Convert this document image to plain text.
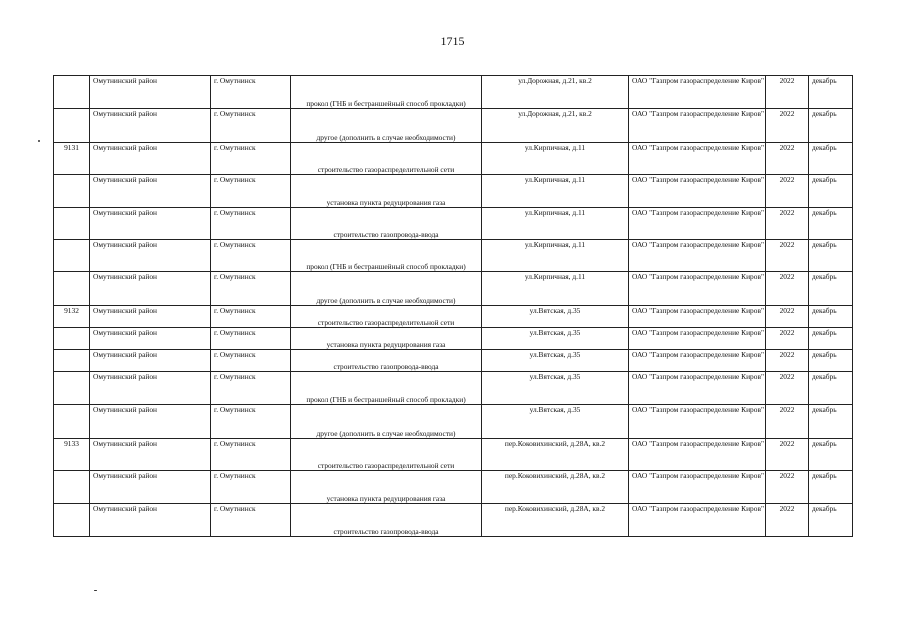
1715
	Омутнинский район	г. Омутнинск	прокол (ГНБ и бестраншейный способ прокладки)	ул.Дорожная, д.21, кв.2	ОАО "Газпром газораспределение Киров"	2022	декабрь
	Омутнинский район	г. Омутнинск	другое (дополнить в случае необходимости)	ул.Дорожная, д.21, кв.2	ОАО "Газпром газораспределение Киров"	2022	декабрь
9131	Омутнинский район	г. Омутнинск	строительство газораспределительной сети	ул.Кирпичная, д.11	ОАО "Газпром газораспределение Киров"	2022	декабрь
	Омутнинский район	г. Омутнинск	установка пункта редуцирования газа	ул.Кирпичная, д.11	ОАО "Газпром газораспределение Киров"	2022	декабрь
	Омутнинский район	г. Омутнинск	строительство газопровода-ввода	ул.Кирпичная, д.11	ОАО "Газпром газораспределение Киров"	2022	декабрь
	Омутнинский район	г. Омутнинск	прокол (ГНБ и бестраншейный способ прокладки)	ул.Кирпичная, д.11	ОАО "Газпром газораспределение Киров"	2022	декабрь
	Омутнинский район	г. Омутнинск	другое (дополнить в случае необходимости)	ул.Кирпичная, д.11	ОАО "Газпром газораспределение Киров"	2022	декабрь
9132	Омутнинский район	г. Омутнинск	строительство газораспределительной сети	ул.Вятская, д.35	ОАО "Газпром газораспределение Киров"	2022	декабрь
	Омутнинский район	г. Омутнинск	установка пункта редуцирования газа	ул.Вятская, д.35	ОАО "Газпром газораспределение Киров"	2022	декабрь
	Омутнинский район	г. Омутнинск	строительство газопровода-ввода	ул.Вятская, д.35	ОАО "Газпром газораспределение Киров"	2022	декабрь
	Омутнинский район	г. Омутнинск	прокол (ГНБ и бестраншейный способ прокладки)	ул.Вятская, д.35	ОАО "Газпром газораспределение Киров"	2022	декабрь
	Омутнинский район	г. Омутнинск	другое (дополнить в случае необходимости)	ул.Вятская, д.35	ОАО "Газпром газораспределение Киров"	2022	декабрь
9133	Омутнинский район	г. Омутнинск	строительство газораспределительной сети	пер.Коковихинский, д.28А, кв.2	ОАО "Газпром газораспределение Киров"	2022	декабрь
	Омутнинский район	г. Омутнинск	установка пункта редуцирования газа	пер.Коковихинский, д.28А, кв.2	ОАО "Газпром газораспределение Киров"	2022	декабрь
	Омутнинский район	г. Омутнинск	строительство газопровода-ввода	пер.Коковихинский, д.28А, кв.2	ОАО "Газпром газораспределение Киров"	2022	декабрь
